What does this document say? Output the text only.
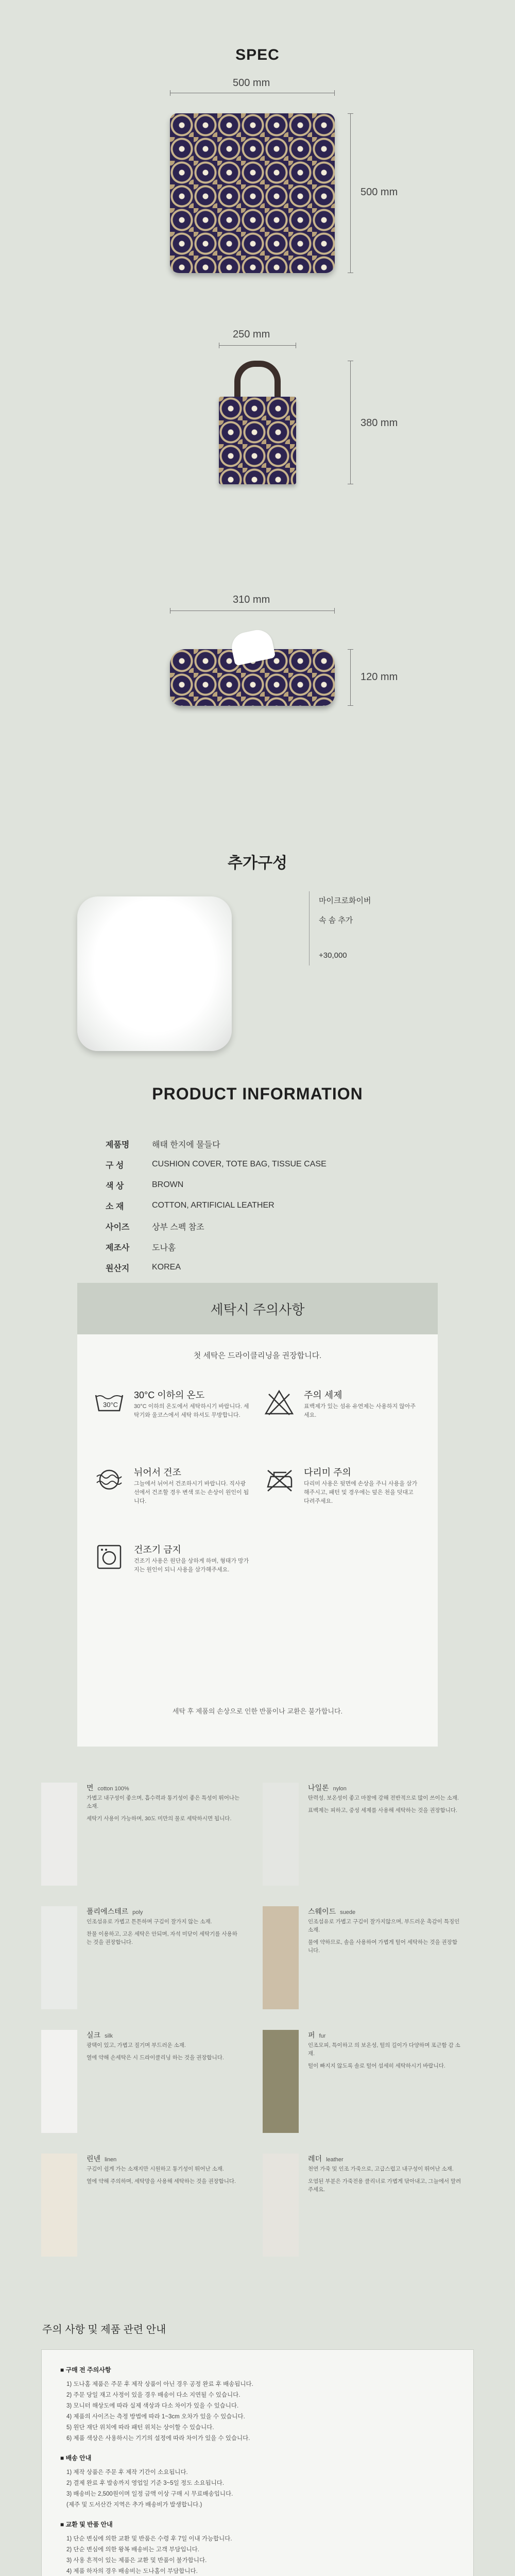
SPEC
500 mm
500 mm
250 mm
380 mm
310 mm
120 mm
추가구성
마이크로화이버
속 솜 추가
+30,000
PRODUCT INFORMATION
제품명	해태 한지에 물들다
구 성	CUSHION COVER, TOTE BAG, TISSUE CASE
색 상	BROWN
소 재	COTTON, ARTIFICIAL LEATHER
사이즈	상부 스펙 참조
제조사	도나홈
원산지	KOREA
세탁시 주의사항
첫 세탁은 드라이클리닝을 권장합니다.
30°C
30°C 이하의 온도
30°C 이하의 온도에서 세탁하시기 바랍니다. 세탁기와 울코스에서 세탁 하셔도 무방합니다.
주의 세제
표백제가 있는 섬유 유연제는 사용하지 않아주세요.
뉘어서 건조
그늘에서 뉘어서 건조하시기 바랍니다. 직사광선에서 건조할 경우 변색 또는 손상이 원인이 됩니다.
다리미 주의
다리미 사용은 뒷면에 손상을 주니 사용을 삼가해주시고, 패턴 및 경우에는 덮은 천을 덧대고 다려주세요.
건조기 금지
건조기 사용은 원단을 상하게 하며, 형태가 망가지는 원인이 되니 사용을 삼가해주세요.
세탁 후 제품의 손상으로 인한 반품이나 교환은 불가합니다.
면 cotton 100%
가볍고 내구성이 좋으며, 흡수력과 통기성이 좋은 특성이 뛰어나는 소재.
세탁기 사용이 가능하며, 30도 미만의 물로 세탁하시면 됩니다.
나일론 nylon
탄력성, 보온성이 좋고 마찰에 강해 전반적으로 많이 쓰이는 소재.
표백제는 피하고, 중성 세제를 사용해 세탁하는 것을 권장합니다.
폴리에스테르 poly
인조섬유로 가볍고 튼튼하며 구김이 잘가지 않는 소재.
찬물 이용하고, 고온 세탁은 안되며, 자석 미닫이 세탁기를 사용하는 것을 권장합니다.
스웨이드 suede
인조섬유로 가볍고 구김이 잘가지않으며, 부드러운 촉감이 특징인 소재.
물에 약하므로, 솔을 사용하여 가볍게 털어 세탁하는 것을 권장합니다.
실크 silk
광택이 있고, 가볍고 질기며 부드러운 소재.
열에 약해 손세탁은 시 드라이클리닝 하는 것을 권장합니다.
퍼 fur
인조모피, 특이하고 의 보온성, 털의 길이가 다양하며 포근함 감 소재.
털이 빠지지 않도록 솔로 털어 섬세히 세탁하시기 바랍니다.
린넨 linen
구김이 쉽게 가는 소재지만 시원하고 통기성이 뛰어난 소재.
열에 약해 주의하며, 세탁망을 사용해 세탁하는 것을 권장합니다.
레더 leather
천연 가죽 및 인조 가죽으로, 고급스럽고 내구성이 뛰어난 소재.
오염된 부분은 가죽전용 클리너로 가볍게 닦아내고, 그늘에서 말려 주세요.
주의 사항 및 제품 관련 안내
■ 구매 전 주의사항
1) 도나홈 제품은 주문 후 제작 상품이 아닌 경우 공정 완료 후 배송됩니다.
2) 주문 당일 재고 사정이 있을 경우 배송이 다소 지연될 수 있습니다.
3) 모니터 해상도에 따라 실제 색상과 다소 차이가 있을 수 있습니다.
4) 제품의 사이즈는 측정 방법에 따라 1~3cm 오차가 있을 수 있습니다.
5) 원단 재단 위치에 따라 패턴 위치는 상이할 수 있습니다.
6) 제품 색상은 사용하시는 기기의 설정에 따라 차이가 있을 수 있습니다.
■ 배송 안내
1) 제작 상품은 주문 후 제작 기간이 소요됩니다.
2) 결제 완료 후 발송까지 영업일 기준 3~5일 정도 소요됩니다.
3) 배송비는 2,500원이며 일정 금액 이상 구매 시 무료배송입니다.
(제주 및 도서산간 지역은 추가 배송비가 발생합니다.)
■ 교환 및 반품 안내
1) 단순 변심에 의한 교환 및 반품은 수령 후 7일 이내 가능합니다.
2) 단순 변심에 의한 왕복 배송비는 고객 부담입니다.
3) 사용 흔적이 있는 제품은 교환 및 반품이 불가합니다.
4) 제품 하자의 경우 배송비는 도나홈이 부담합니다.
